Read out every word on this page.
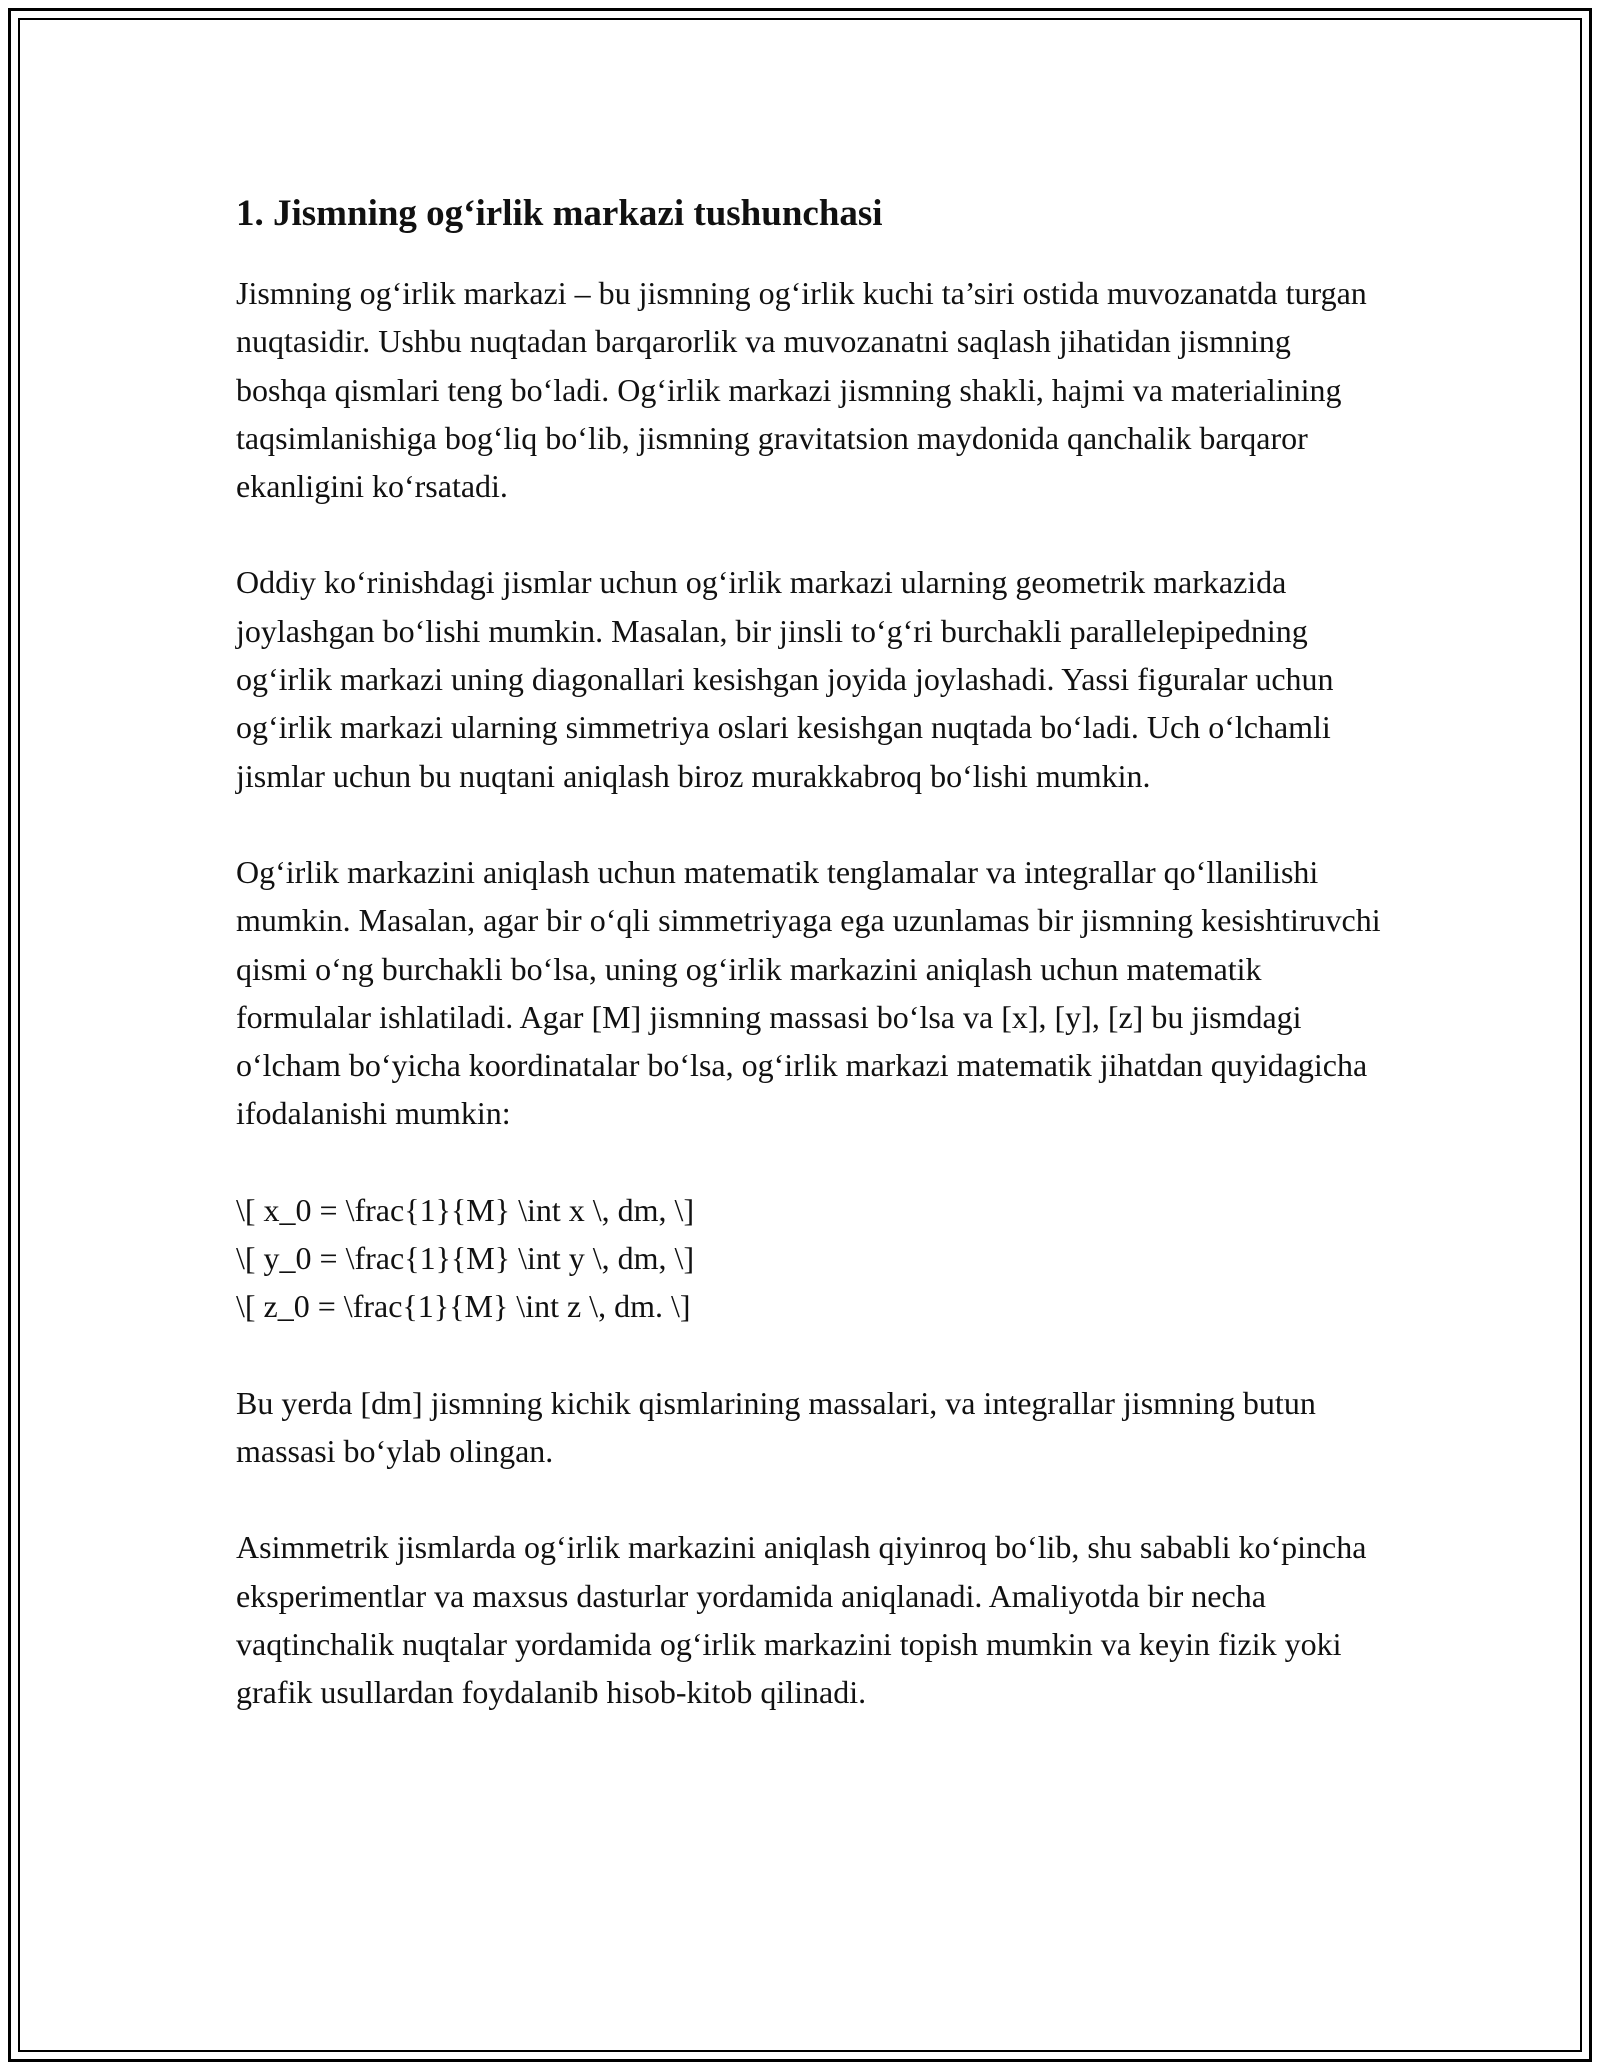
1. Jismning og‘irlik markazi tushunchasi

Jismning og‘irlik markazi – bu jismning og‘irlik kuchi ta’siri ostida muvozanatda turgan nuqtasidir. Ushbu nuqtadan barqarorlik va muvozanatni saqlash jihatidan jismning boshqa qismlari teng bo‘ladi. Og‘irlik markazi jismning shakli, hajmi va materialining taqsimlanishiga bog‘liq bo‘lib, jismning gravitatsion maydonida qanchalik barqaror ekanligini ko‘rsatadi.

Oddiy ko‘rinishdagi jismlar uchun og‘irlik markazi ularning geometrik markazida joylashgan bo‘lishi mumkin. Masalan, bir jinsli to‘g‘ri burchakli parallelepipedning og‘irlik markazi uning diagonallari kesishgan joyida joylashadi. Yassi figuralar uchun og‘irlik markazi ularning simmetriya oslari kesishgan nuqtada bo‘ladi. Uch o‘lchamli jismlar uchun bu nuqtani aniqlash biroz murakkabroq bo‘lishi mumkin.

Og‘irlik markazini aniqlash uchun matematik tenglamalar va integrallar qo‘llanilishi mumkin. Masalan, agar bir o‘qli simmetriyaga ega uzunlamas bir jismning kesishtiruvchi qismi o‘ng burchakli bo‘lsa, uning og‘irlik markazini aniqlash uchun matematik formulalar ishlatiladi. Agar [M] jismning massasi bo‘lsa va [x], [y], [z] bu jismdagi o‘lcham bo‘yicha koordinatalar bo‘lsa, og‘irlik markazi matematik jihatdan quyidagicha ifodalanishi mumkin:

\[ x_0 = \frac{1}{M} \int x \, dm, \]
\[ y_0 = \frac{1}{M} \int y \, dm, \]
\[ z_0 = \frac{1}{M} \int z \, dm. \]

Bu yerda [dm] jismning kichik qismlarining massalari, va integrallar jismning butun massasi bo‘ylab olingan.

Asimmetrik jismlarda og‘irlik markazini aniqlash qiyinroq bo‘lib, shu sababli ko‘pincha eksperimentlar va maxsus dasturlar yordamida aniqlanadi. Amaliyotda bir necha vaqtinchalik nuqtalar yordamida og‘irlik markazini topish mumkin va keyin fizik yoki grafik usullardan foydalanib hisob-kitob qilinadi.
